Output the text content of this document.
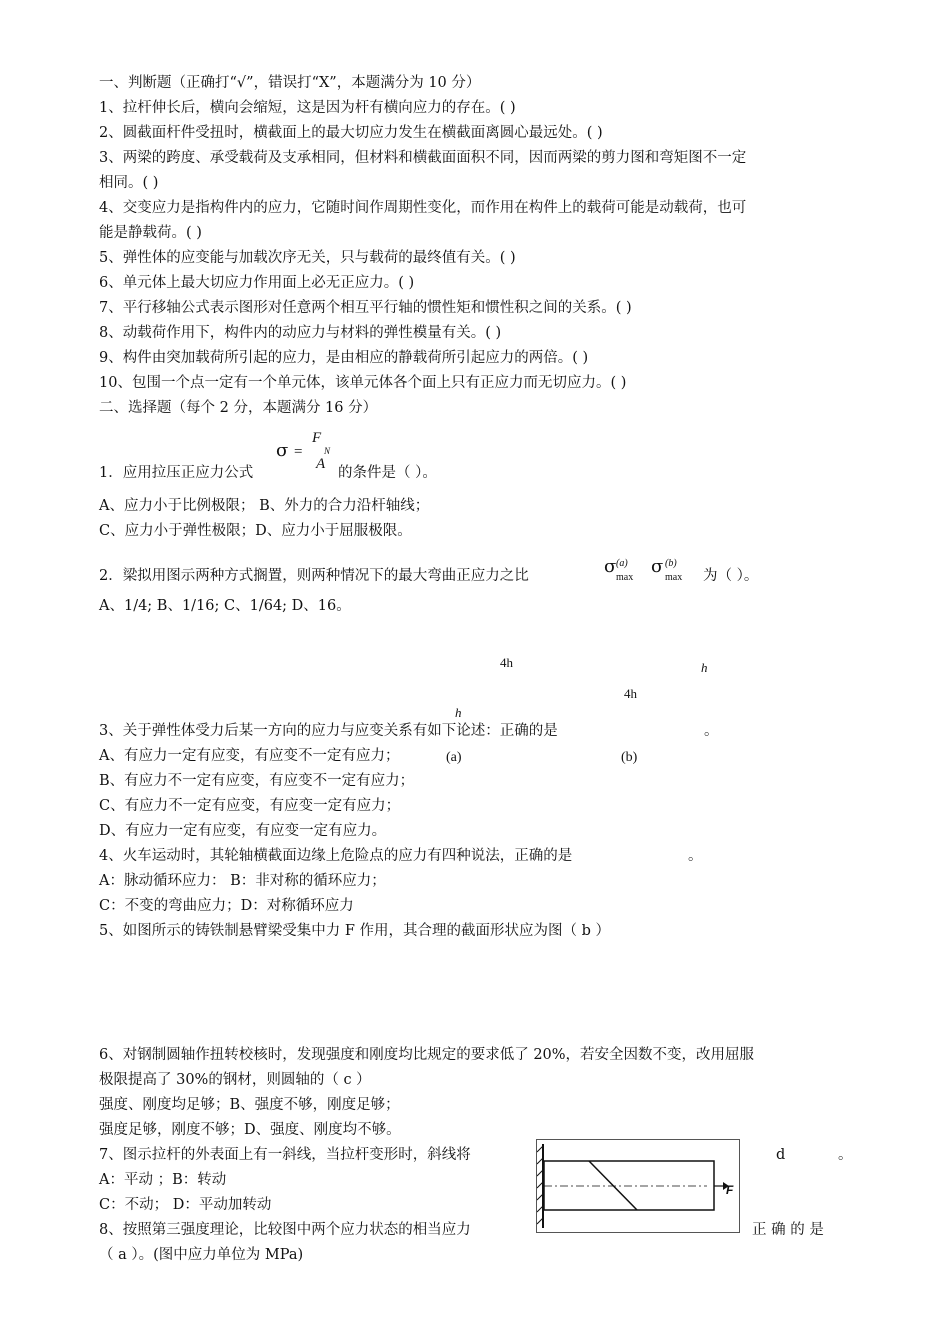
一、判断题（正确打“√”，错误打“X”，本题满分为 10 分）
1、拉杆伸长后，横向会缩短，这是因为杆有横向应力的存在。( )
2、圆截面杆件受扭时，横截面上的最大切应力发生在横截面离圆心最远处。( )
3、两梁的跨度、承受载荷及支承相同，但材料和横截面面积不同，因而两梁的剪力图和弯矩图不一定
相同。( )
4、交变应力是指构件内的应力，它随时间作周期性变化，而作用在构件上的载荷可能是动载荷，也可
能是静载荷。( )
5、弹性体的应变能与加载次序无关，只与载荷的最终值有关。( )
6、单元体上最大切应力作用面上必无正应力。( )
7、平行移轴公式表示图形对任意两个相互平行轴的惯性矩和惯性积之间的关系。( )
8、动载荷作用下，构件内的动应力与材料的弹性模量有关。( )
9、构件由突加载荷所引起的应力，是由相应的静载荷所引起应力的两倍。( )
10、包围一个点一定有一个单元体，该单元体各个面上只有正应力而无切应力。( )
二、选择题（每个 2 分，本题满分 16 分）
σ =
F
N
A
1．应用拉压正应力公式	的条件是（ ）。
A、应力小于比例极限； B、外力的合力沿杆轴线；
C、应力小于弹性极限；D、应力小于屈服极限。
2．梁拟用图示两种方式搁置，则两种情况下的最大弯曲正应力之比	σ (a)
max
σ (b)
max 为（ ）。
A、1/4; B、1/16; C、1/64; D、16。
4h	h
4h
h
3、关于弹性体受力后某一方向的应力与应变关系有如下论述：正确的是	。
A、有应力一定有应变，有应变不一定有应力；	(a)	(b)
B、有应力不一定有应变，有应变不一定有应力；
C、有应力不一定有应变，有应变一定有应力；
D、有应力一定有应变，有应变一定有应力。
4、火车运动时，其轮轴横截面边缘上危险点的应力有四种说法，正确的是	。
A：脉动循环应力： B：非对称的循环应力；
C：不变的弯曲应力；D：对称循环应力
5、如图所示的铸铁制悬臂梁受集中力 F 作用，其合理的截面形状应为图（ b ）
6、对钢制圆轴作扭转校核时，发现强度和刚度均比规定的要求低了 20%，若安全因数不变，改用屈服
极限提高了 30%的钢材，则圆轴的（ c ）
强度、刚度均足够；B、强度不够，刚度足够；
强度足够，刚度不够；D、强度、刚度均不够。
7、图示拉杆的外表面上有一斜线，当拉杆变形时，斜线将	d	。
A：平动 ；B：转动
C：不动； D：平动加转动
F
8、按照第三强度理论，比较图中两个应力状态的相当应力	正 确 的 是
（ a ）。(图中应力单位为 MPa)
